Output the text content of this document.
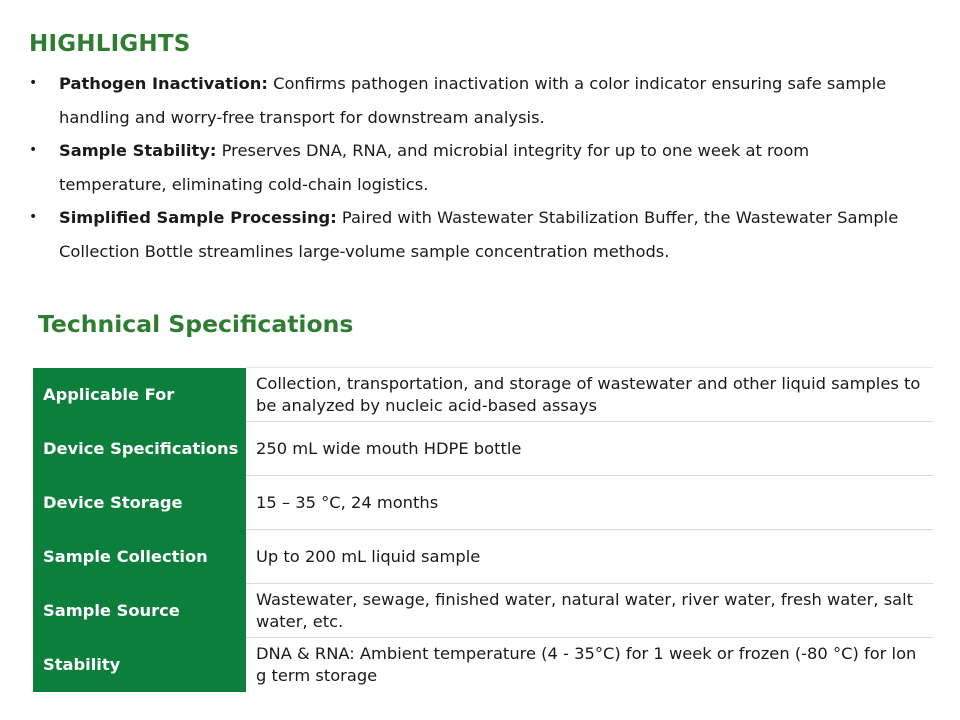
HIGHLIGHTS
• Pathogen Inactivation: Confirms pathogen inactivation with a color indicator ensuring safe sample handling and worry-free transport for downstream analysis.
• Sample Stability: Preserves DNA, RNA, and microbial integrity for up to one week at room temperature, eliminating cold-chain logistics.
• Simplified Sample Processing: Paired with Wastewater Stabilization Buffer, the Wastewater Sample Collection Bottle streamlines large-volume sample concentration methods.
Technical Specifications
Applicable For	Collection, transportation, and storage of wastewater and other liquid samples to be analyzed by nucleic acid-based assays
Device Specifications	250 mL wide mouth HDPE bottle
Device Storage	15 – 35 °C, 24 months
Sample Collection	Up to 200 mL liquid sample
Sample Source	Wastewater, sewage, finished water, natural water, river water, fresh water, salt water, etc.
Stability	DNA & RNA: Ambient temperature (4 - 35°C) for 1 week or frozen (-80 °C) for long term storage
